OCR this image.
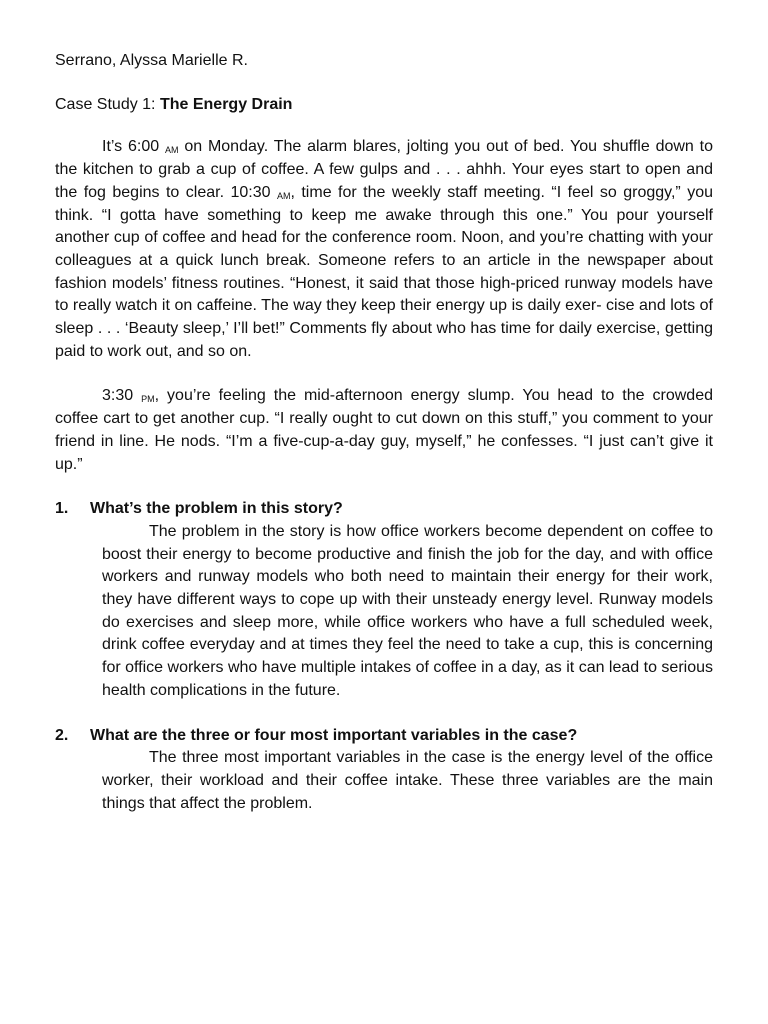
Serrano, Alyssa Marielle R.

Case Study 1: The Energy Drain

It’s 6:00 $_{AM}$ on Monday. The alarm blares, jolting you out of bed. You shuffle down to the kitchen to grab a cup of coffee. A few gulps and . . . ahhh. Your eyes start to open and the fog begins to clear. 10:30 $_{AM}$, time for the weekly staff meeting. “I feel so groggy,” you think. “I gotta have something to keep me awake through this one.” You pour yourself another cup of coffee and head for the conference room. Noon, and you’re chatting with your colleagues at a quick lunch break. Someone refers to an article in the newspaper about fashion models’ fitness routines. “Honest, it said that those high-priced runway models have to really watch it on caffeine. The way they keep their energy up is daily exer- cise and lots of sleep . . . ‘Beauty sleep,’ I’ll bet!” Comments fly about who has time for daily exercise, getting paid to work out, and so on.

3:30 $_{PM}$, you’re feeling the mid-afternoon energy slump. You head to the crowded coffee cart to get another cup. “I really ought to cut down on this stuff,” you comment to your friend in line. He nods. “I’m a five-cup-a-day guy, myself,” he confesses. “I just can’t give it up.”

1.	What’s the problem in this story?

The problem in the story is how office workers become dependent on coffee to boost their energy to become productive and finish the job for the day, and with office workers and runway models who both need to maintain their energy for their work, they have different ways to cope up with their unsteady energy level. Runway models do exercises and sleep more, while office workers who have a full scheduled week, drink coffee everyday and at times they feel the need to take a cup, this is concerning for office workers who have multiple intakes of coffee in a day, as it can lead to serious health complications in the future.

2.	What are the three or four most important variables in the case?

The three most important variables in the case is the energy level of the office worker, their workload and their coffee intake. These three variables are the main things that affect the problem.
